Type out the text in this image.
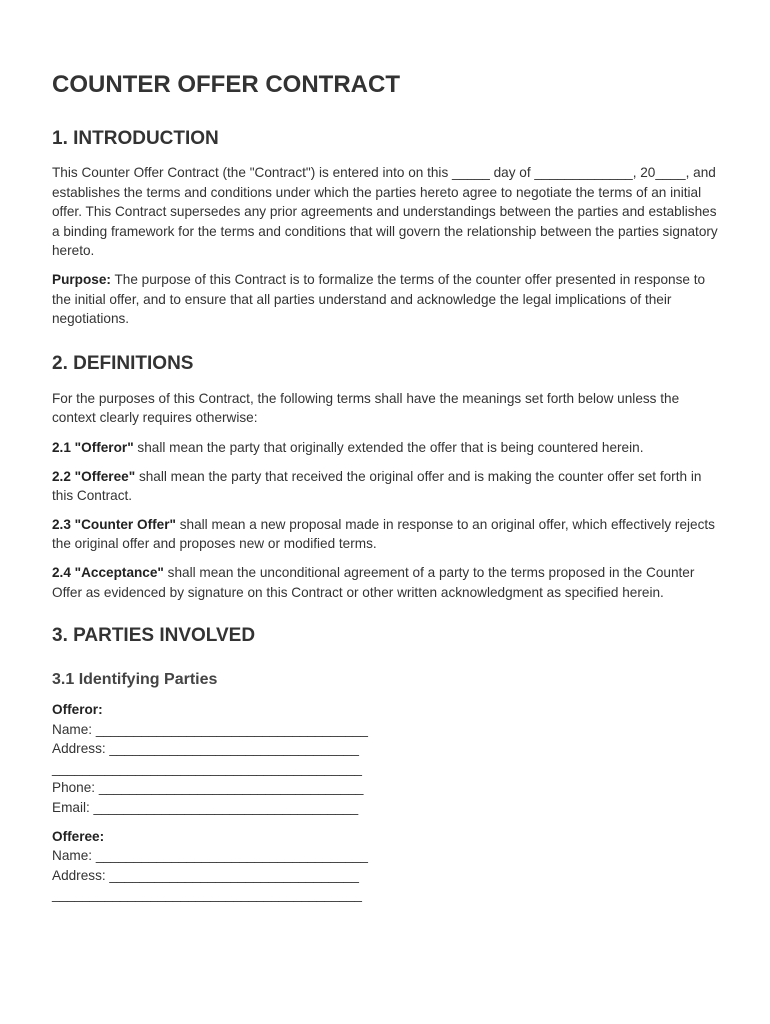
COUNTER OFFER CONTRACT
1. INTRODUCTION

This Counter Offer Contract (the "Contract") is entered into on this _____ day of _____________, 20____, and establishes the terms and conditions under which the parties hereto agree to negotiate the terms of an initial offer. This Contract supersedes any prior agreements and understandings between the parties and establishes a binding framework for the terms and conditions that will govern the relationship between the parties signatory hereto.

Purpose: The purpose of this Contract is to formalize the terms of the counter offer presented in response to the initial offer, and to ensure that all parties understand and acknowledge the legal implications of their negotiations.

2. DEFINITIONS

For the purposes of this Contract, the following terms shall have the meanings set forth below unless the context clearly requires otherwise:

2.1 "Offeror" shall mean the party that originally extended the offer that is being countered herein.

2.2 "Offeree" shall mean the party that received the original offer and is making the counter offer set forth in this Contract.

2.3 "Counter Offer" shall mean a new proposal made in response to an original offer, which effectively rejects the original offer and proposes new or modified terms.

2.4 "Acceptance" shall mean the unconditional agreement of a party to the terms proposed in the Counter Offer as evidenced by signature on this Contract or other written acknowledgment as specified herein.

3. PARTIES INVOLVED
3.1 Identifying Parties
Offeror:
Name: ____________________________________
Address: _________________________________
_________________________________________
Phone: ___________________________________
Email: ___________________________________
Offeree:
Name: ____________________________________
Address: _________________________________
_________________________________________
